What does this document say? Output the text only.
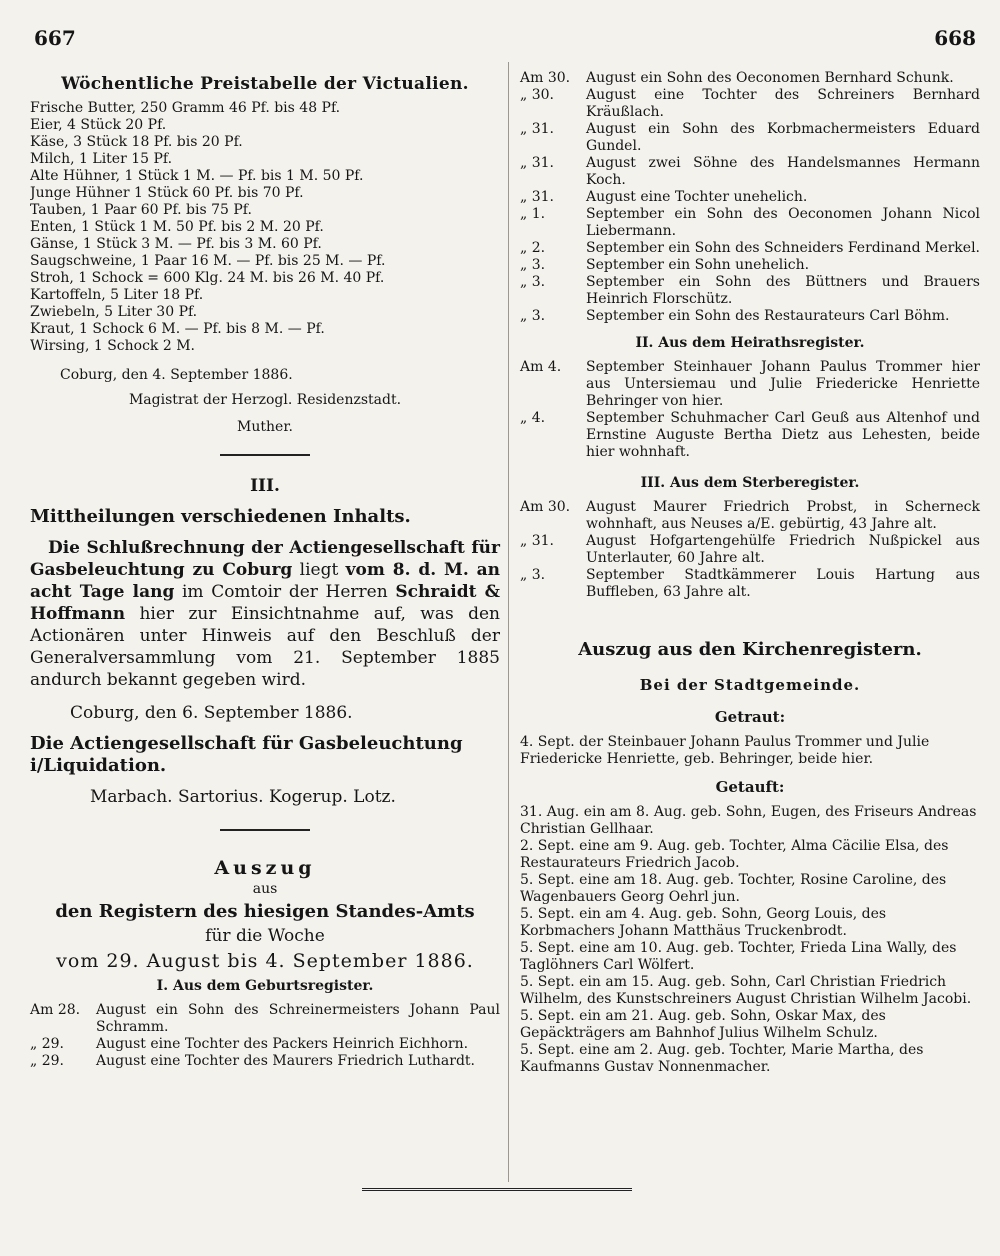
667	668
Wöchentliche Preistabelle der Victualien.
Frische Butter, 250 Gramm 46 Pf. bis 48 Pf.
Eier, 4 Stück 20 Pf.
Käse, 3 Stück 18 Pf. bis 20 Pf.
Milch, 1 Liter 15 Pf.
Alte Hühner, 1 Stück 1 M. — Pf. bis 1 M. 50 Pf.
Junge Hühner 1 Stück 60 Pf. bis 70 Pf.
Tauben, 1 Paar 60 Pf. bis 75 Pf.
Enten, 1 Stück 1 M. 50 Pf. bis 2 M. 20 Pf.
Gänse, 1 Stück 3 M. — Pf. bis 3 M. 60 Pf.
Saugschweine, 1 Paar 16 M. — Pf. bis 25 M. — Pf.
Stroh, 1 Schock = 600 Klg. 24 M. bis 26 M. 40 Pf.
Kartoffeln, 5 Liter 18 Pf.
Zwiebeln, 5 Liter 30 Pf.
Kraut, 1 Schock 6 M. — Pf. bis 8 M. — Pf.
Wirsing, 1 Schock 2 M.
Coburg, den 4. September 1886.
Magistrat der Herzogl. Residenzstadt.
Muther.
III.
Mittheilungen verschiedenen Inhalts.
Die Schlußrechnung der Actiengesellschaft für Gasbeleuchtung zu Coburg liegt vom 8. d. M. an acht Tage lang im Comtoir der Herren Schraidt & Hoffmann hier zur Einsichtnahme auf, was den Actionären unter Hinweis auf den Beschluß der Generalversammlung vom 21. September 1885 andurch bekannt gegeben wird.
Coburg, den 6. September 1886.
Die Actiengesellschaft für Gasbeleuchtung i/Liquidation.
Marbach. Sartorius. Kogerup. Lotz.
Auszug
aus
den Registern des hiesigen Standes-Amts
für die Woche
vom 29. August bis 4. September 1886.
I. Aus dem Geburtsregister.
Am 28.	August ein Sohn des Schreinermeisters Johann Paul Schramm.
„ 29.	August eine Tochter des Packers Heinrich Eichhorn.
„ 29.	August eine Tochter des Maurers Friedrich Luthardt.
Am 30.	August ein Sohn des Oeconomen Bernhard Schunk.
„ 30.	August eine Tochter des Schreiners Bernhard Kräußlach.
„ 31.	August ein Sohn des Korbmachermeisters Eduard Gundel.
„ 31.	August zwei Söhne des Handelsmannes Hermann Koch.
„ 31.	August eine Tochter unehelich.
„ 1.	September ein Sohn des Oeconomen Johann Nicol Liebermann.
„ 2.	September ein Sohn des Schneiders Ferdinand Merkel.
„ 3.	September ein Sohn unehelich.
„ 3.	September ein Sohn des Büttners und Brauers Heinrich Florschütz.
„ 3.	September ein Sohn des Restaurateurs Carl Böhm.
II. Aus dem Heirathsregister.
Am 4.	September Steinhauer Johann Paulus Trommer hier aus Untersiemau und Julie Friedericke Henriette Behringer von hier.
„ 4.	September Schuhmacher Carl Geuß aus Altenhof und Ernstine Auguste Bertha Dietz aus Lehesten, beide hier wohnhaft.
III. Aus dem Sterberegister.
Am 30.	August Maurer Friedrich Probst, in Scherneck wohnhaft, aus Neuses a/E. gebürtig, 43 Jahre alt.
„ 31.	August Hofgartengehülfe Friedrich Nußpickel aus Unterlauter, 60 Jahre alt.
„ 3.	September Stadtkämmerer Louis Hartung aus Buffleben, 63 Jahre alt.
Auszug aus den Kirchenregistern.
Bei der Stadtgemeinde.
Getraut:
4. Sept. der Steinbauer Johann Paulus Trommer und Julie Friedericke Henriette, geb. Behringer, beide hier.
Getauft:
31. Aug. ein am 8. Aug. geb. Sohn, Eugen, des Friseurs Andreas Christian Gellhaar.
2. Sept. eine am 9. Aug. geb. Tochter, Alma Cäcilie Elsa, des Restaurateurs Friedrich Jacob.
5. Sept. eine am 18. Aug. geb. Tochter, Rosine Caroline, des Wagenbauers Georg Oehrl jun.
5. Sept. ein am 4. Aug. geb. Sohn, Georg Louis, des Korbmachers Johann Matthäus Truckenbrodt.
5. Sept. eine am 10. Aug. geb. Tochter, Frieda Lina Wally, des Taglöhners Carl Wölfert.
5. Sept. ein am 15. Aug. geb. Sohn, Carl Christian Friedrich Wilhelm, des Kunstschreiners August Christian Wilhelm Jacobi.
5. Sept. ein am 21. Aug. geb. Sohn, Oskar Max, des Gepäckträgers am Bahnhof Julius Wilhelm Schulz.
5. Sept. eine am 2. Aug. geb. Tochter, Marie Martha, des Kaufmanns Gustav Nonnenmacher.
